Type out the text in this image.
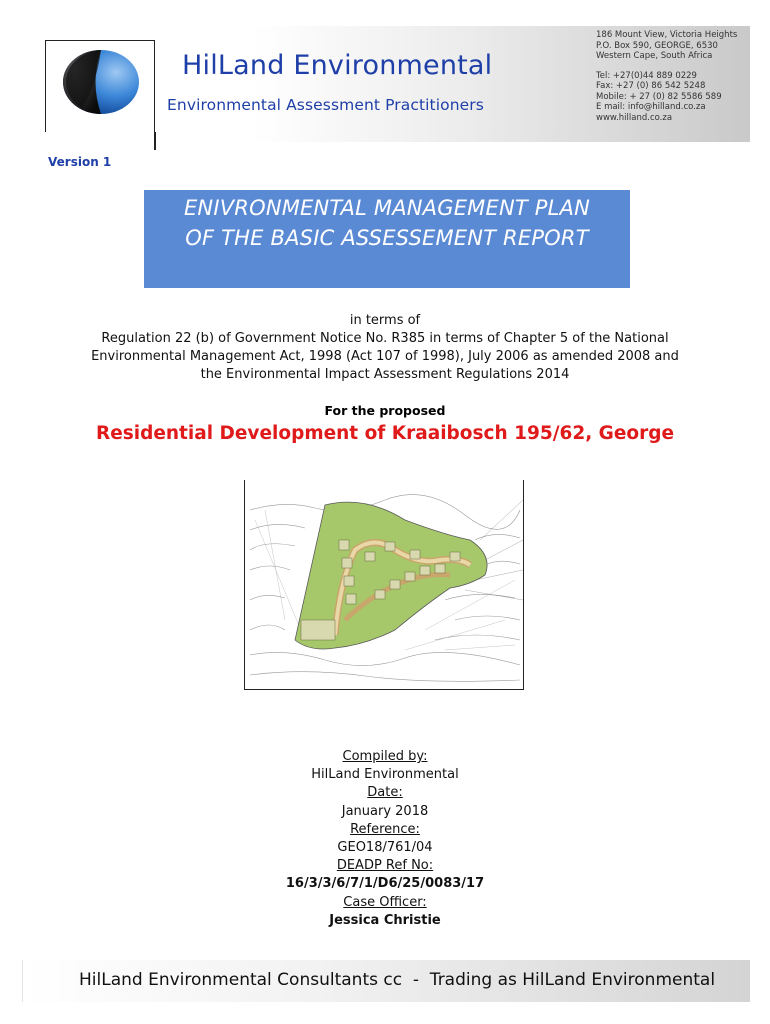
HilLand Environmental
Environmental Assessment Practitioners
186 Mount View, Victoria Heights
P.O. Box 590, GEORGE, 6530
Western Cape, South Africa
Tel: +27(0)44 889 0229
Fax: +27 (0) 86 542 5248
Mobile: + 27 (0) 82 5586 589
E mail: info@hilland.co.za
www.hilland.co.za
Version 1
ENIVRONMENTAL MANAGEMENT PLAN
OF THE BASIC ASSESSEMENT REPORT
in terms of
Regulation 22 (b) of Government Notice No. R385 in terms of Chapter 5 of the National
Environmental Management Act, 1998 (Act 107 of 1998), July 2006 as amended 2008 and
the Environmental Impact Assessment Regulations 2014
For the proposed
Residential Development of Kraaibosch 195/62, George
Compiled by:
HilLand Environmental
Date:
January 2018
Reference:
GEO18/761/04
DEADP Ref No:
16/3/3/6/7/1/D6/25/0083/17
Case Officer:
Jessica Christie
HilLand Environmental Consultants cc  -  Trading as HilLand Environmental
